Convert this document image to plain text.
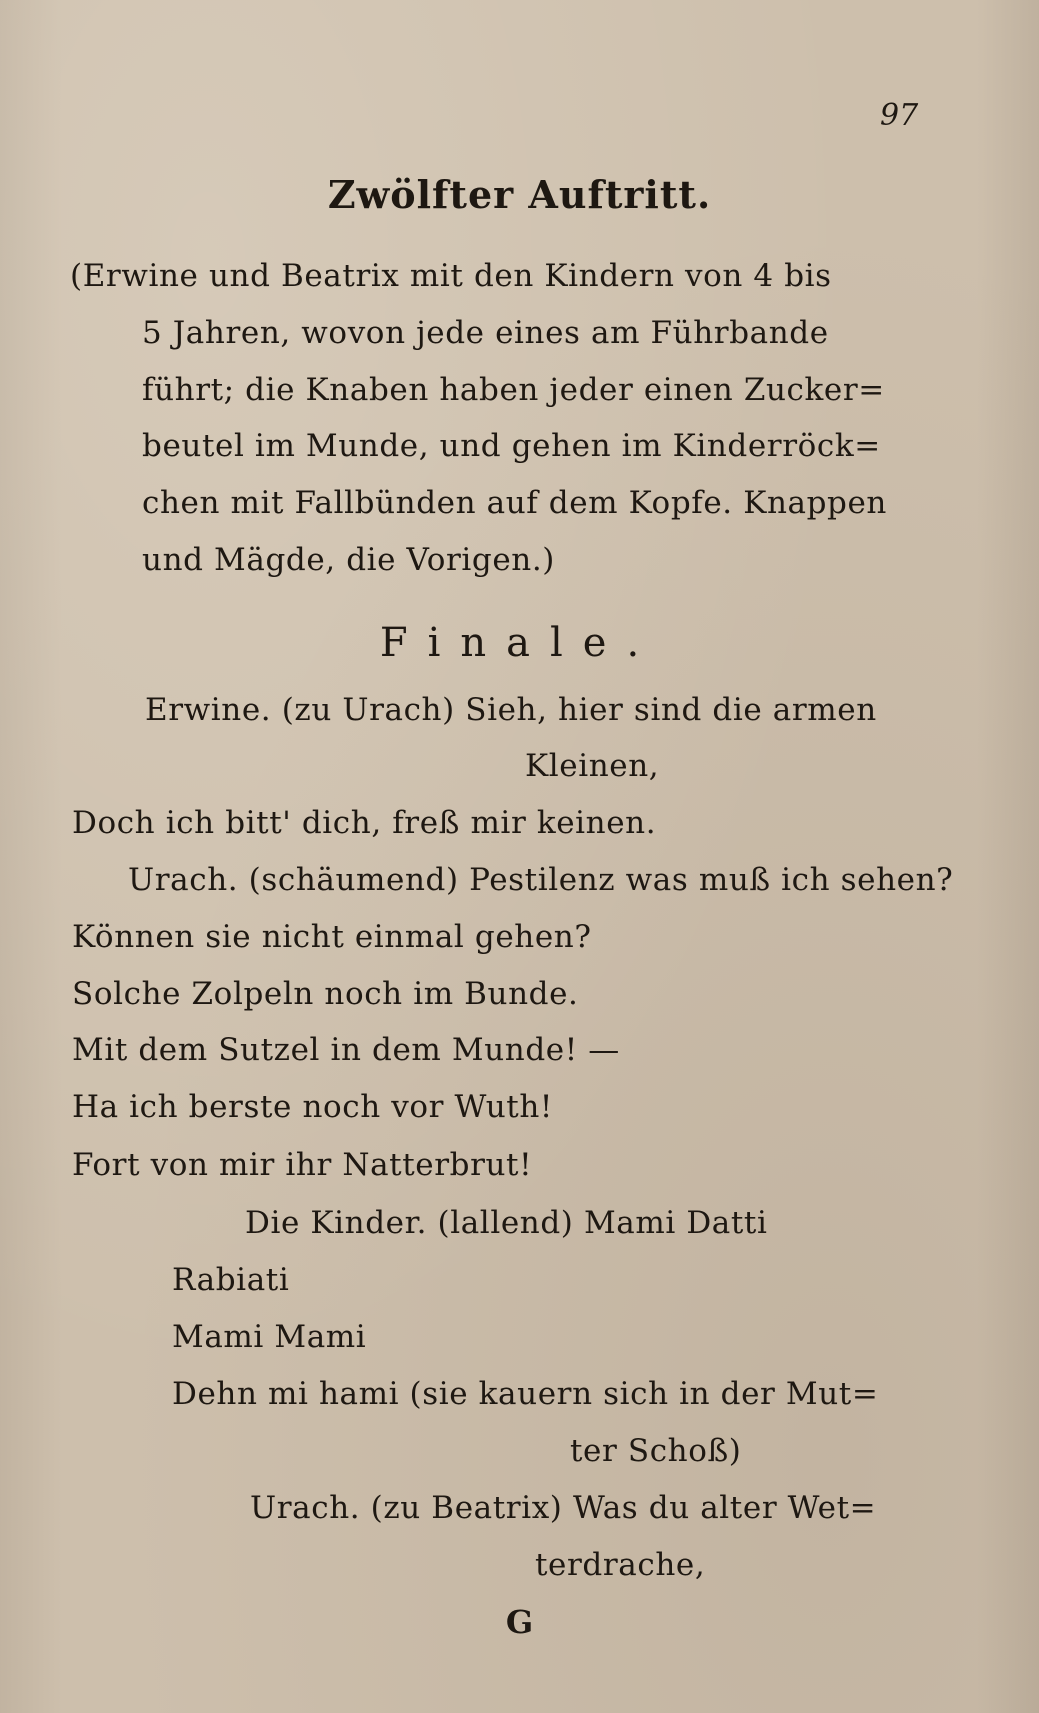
97
Zwölfter Auftritt.
(Erwine und Beatrix mit den Kindern von 4 bis
5 Jahren, wovon jede eines am Führbande
führt; die Knaben haben jeder einen Zucker=
beutel im Munde, und gehen im Kinderröck=
chen mit Fallbünden auf dem Kopfe. Knappen
und Mägde, die Vorigen.)
Finale.
Erwine. (zu Urach) Sieh, hier sind die armen
Kleinen,
Doch ich bitt' dich, freß mir keinen.
Urach. (schäumend) Pestilenz was muß ich sehen?
Können sie nicht einmal gehen?
Solche Zolpeln noch im Bunde.
Mit dem Sutzel in dem Munde! —
Ha ich berste noch vor Wuth!
Fort von mir ihr Natterbrut!
Die Kinder. (lallend) Mami Datti
Rabiati
Mami Mami
Dehn mi hami (sie kauern sich in der Mut=
ter Schoß)
Urach. (zu Beatrix) Was du alter Wet=
terdrache,
G
